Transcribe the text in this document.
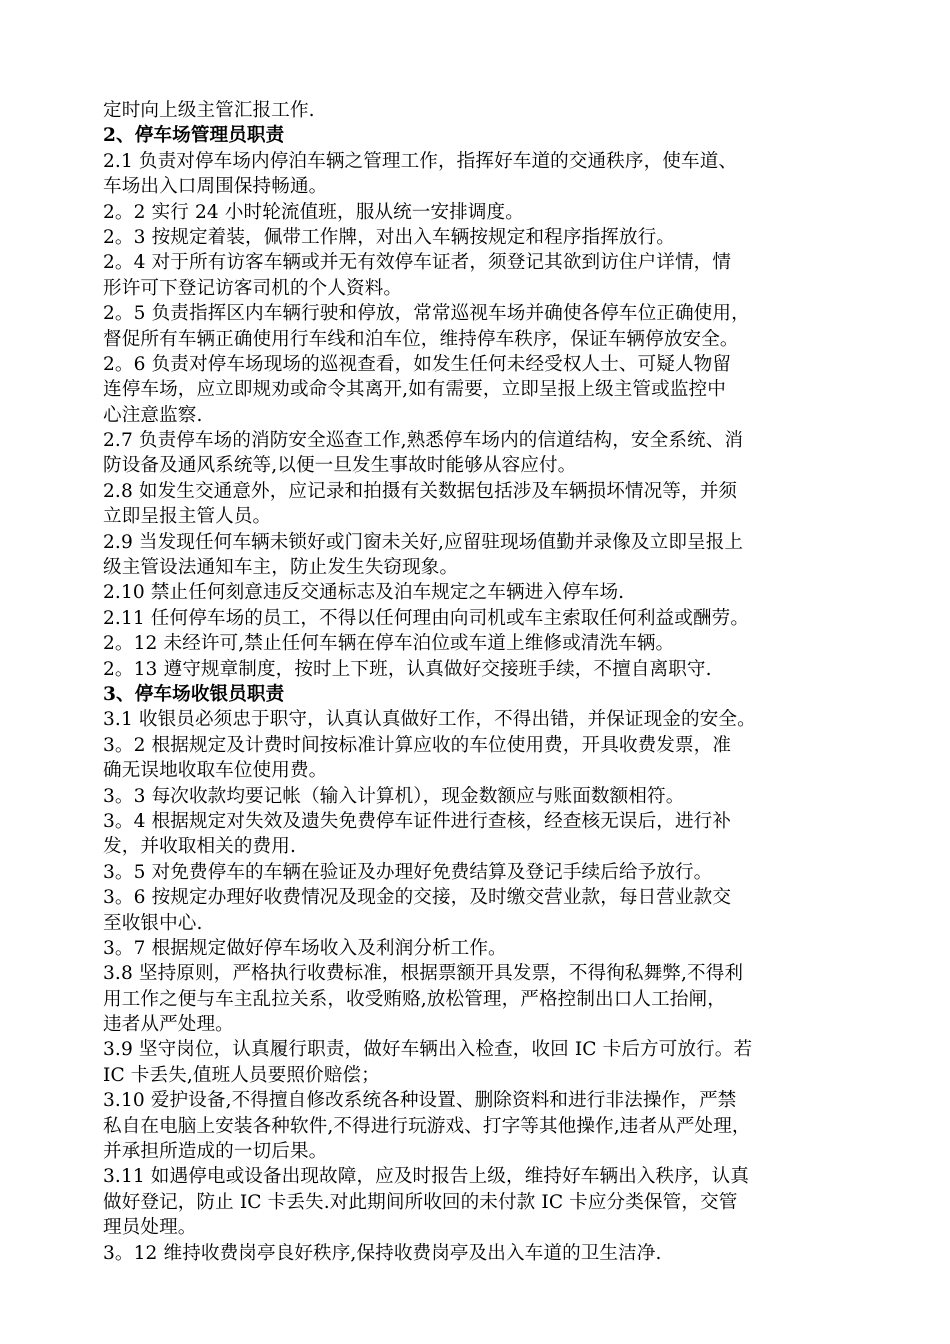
定时向上级主管汇报工作.
2、停车场管理员职责
2.1 负责对停车场内停泊车辆之管理工作，指挥好车道的交通秩序，使车道、
车场出入口周围保持畅通。
2。2 实行 24 小时轮流值班，服从统一安排调度。
2。3 按规定着装，佩带工作牌，对出入车辆按规定和程序指挥放行。
2。4 对于所有访客车辆或并无有效停车证者，须登记其欲到访住户详情，情
形许可下登记访客司机的个人资料。
2。5 负责指挥区内车辆行驶和停放，常常巡视车场并确使各停车位正确使用，
督促所有车辆正确使用行车线和泊车位，维持停车秩序，保证车辆停放安全。
2。6 负责对停车场现场的巡视查看，如发生任何未经受权人士、可疑人物留
连停车场，应立即规劝或命令其离开,如有需要，立即呈报上级主管或监控中
心注意监察.
2.7 负责停车场的消防安全巡查工作,熟悉停车场内的信道结构，安全系统、消
防设备及通风系统等,以便一旦发生事故时能够从容应付。
2.8 如发生交通意外，应记录和拍摄有关数据包括涉及车辆损坏情况等，并须
立即呈报主管人员。
2.9 当发现任何车辆未锁好或门窗未关好,应留驻现场值勤并录像及立即呈报上
级主管设法通知车主，防止发生失窃现象。
2.10 禁止任何刻意违反交通标志及泊车规定之车辆进入停车场.
2.11 任何停车场的员工，不得以任何理由向司机或车主索取任何利益或酬劳。
2。12 未经许可,禁止任何车辆在停车泊位或车道上维修或清洗车辆。
2。13 遵守规章制度，按时上下班，认真做好交接班手续，不擅自离职守.
3、停车场收银员职责
3.1 收银员必须忠于职守，认真认真做好工作，不得出错，并保证现金的安全。
3。2 根据规定及计费时间按标准计算应收的车位使用费，开具收费发票，准
确无误地收取车位使用费。
3。3 每次收款均要记帐（输入计算机），现金数额应与账面数额相符。
3。4 根据规定对失效及遗失免费停车证件进行查核，经查核无误后，进行补
发，并收取相关的费用.
3。5 对免费停车的车辆在验证及办理好免费结算及登记手续后给予放行。
3。6 按规定办理好收费情况及现金的交接，及时缴交营业款，每日营业款交
至收银中心.
3。7 根据规定做好停车场收入及利润分析工作。
3.8 坚持原则，严格执行收费标准，根据票额开具发票，不得徇私舞弊,不得利
用工作之便与车主乱拉关系，收受贿赂,放松管理，严格控制出口人工抬闸，
违者从严处理。
3.9 坚守岗位，认真履行职责，做好车辆出入检查，收回 IC 卡后方可放行。若
IC 卡丢失,值班人员要照价赔偿；
3.10 爱护设备,不得擅自修改系统各种设置、删除资料和进行非法操作，严禁
私自在电脑上安装各种软件,不得进行玩游戏、打字等其他操作,违者从严处理，
并承担所造成的一切后果。
3.11 如遇停电或设备出现故障，应及时报告上级，维持好车辆出入秩序，认真
做好登记，防止 IC 卡丢失.对此期间所收回的未付款 IC 卡应分类保管，交管
理员处理。
3。12 维持收费岗亭良好秩序,保持收费岗亭及出入车道的卫生洁净.
